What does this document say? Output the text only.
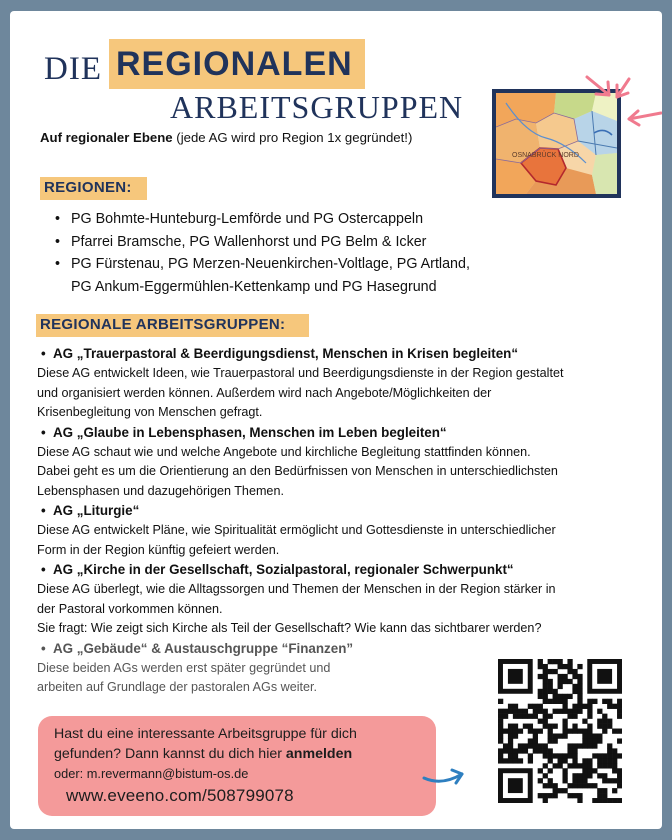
DIE REGIONALEN
ARBEITSGRUPPEN
Auf regionaler Ebene (jede AG wird pro Region 1x gegründet!)
OSNABRÜCK NORD
REGIONEN:
• PG Bohmte-Hunteburg-Lemförde und PG Ostercappeln
• Pfarrei Bramsche, PG Wallenhorst und PG Belm & Icker
• PG Fürstenau, PG Merzen-Neuenkirchen-Voltlage, PG Artland,
PG Ankum-Eggermühlen-Kettenkamp und PG Hasegrund
REGIONALE ARBEITSGRUPPEN:
• AG „Trauerpastoral & Beerdigungsdienst, Menschen in Krisen begleiten“
Diese AG entwickelt Ideen, wie Trauerpastoral und Beerdigungsdienste in der Region gestaltet
und organisiert werden können. Außerdem wird nach Angebote/Möglichkeiten der
Krisenbegleitung von Menschen gefragt.
• AG „Glaube in Lebensphasen, Menschen im Leben begleiten“
Diese AG schaut wie und welche Angebote und kirchliche Begleitung stattfinden können.
Dabei geht es um die Orientierung an den Bedürfnissen von Menschen in unterschiedlichsten
Lebensphasen und dazugehörigen Themen.
• AG „Liturgie“
Diese AG entwickelt Pläne, wie Spiritualität ermöglicht und Gottesdienste in unterschiedlicher
Form in der Region künftig gefeiert werden.
• AG „Kirche in der Gesellschaft, Sozialpastoral, regionaler Schwerpunkt“
Diese AG überlegt, wie die Alltagssorgen und Themen der Menschen in der Region stärker in
der Pastoral vorkommen können.
Sie fragt: Wie zeigt sich Kirche als Teil der Gesellschaft? Wie kann das sichtbarer werden?
• AG „Gebäude“ & Austauschgruppe “Finanzen”
Diese beiden AGs werden erst später gegründet und
arbeiten auf Grundlage der pastoralen AGs weiter.
Hast du eine interessante Arbeitsgruppe für dich
gefunden? Dann kannst du dich hier anmelden
oder: m.revermann@bistum-os.de
www.eveeno.com/508799078
